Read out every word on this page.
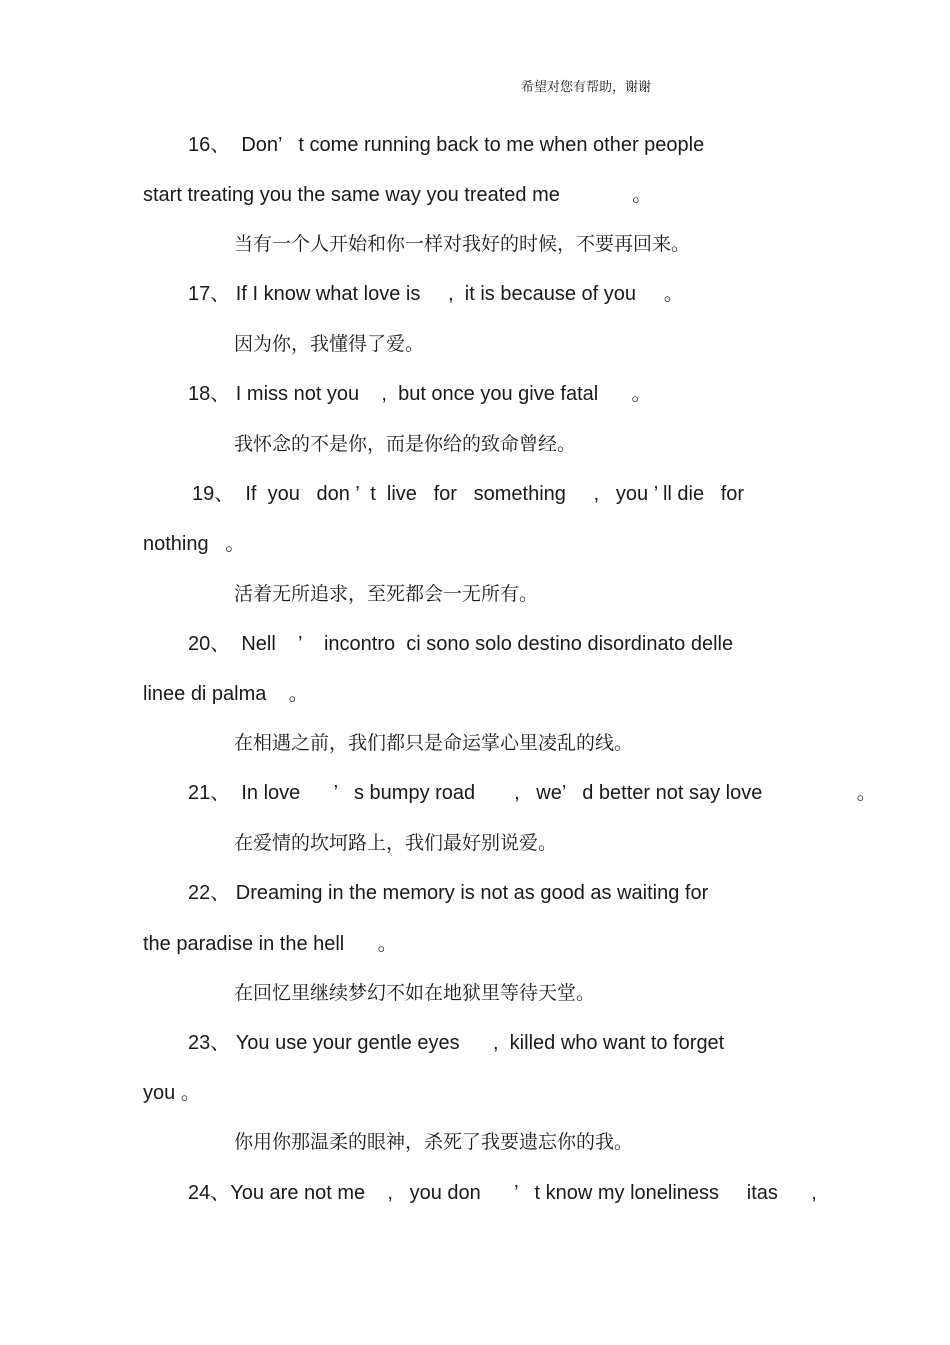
希望对您有帮助，谢谢
16、  Don’   t come running back to me when other people
start treating you the same way you treated me             。
当有一个人开始和你一样对我好的时候，不要再回来。
17、 If I know what love is     ,  it is because of you     。
因为你，我懂得了爱。
18、 I miss not you    ,  but once you give fatal      。
我怀念的不是你，而是你给的致命曾经。
19、  If  you   don ’  t  live   for   something     ,   you ’ ll die   for
nothing   。
活着无所追求，至死都会一无所有。
20、  Nell    ’    incontro  ci sono solo destino disordinato delle
linee di palma    。
在相遇之前，我们都只是命运掌心里凌乱的线。
21、  In love      ’   s bumpy road       ,   we’   d better not say love                 。
在爱情的坎坷路上，我们最好别说爱。
22、 Dreaming in the memory is not as good as waiting for
the paradise in the hell      。
在回忆里继续梦幻不如在地狱里等待天堂。
23、 You use your gentle eyes      ,  killed who want to forget
you 。
你用你那温柔的眼神，杀死了我要遗忘你的我。
24、You are not me    ,   you don      ’   t know my loneliness     itas      ,
